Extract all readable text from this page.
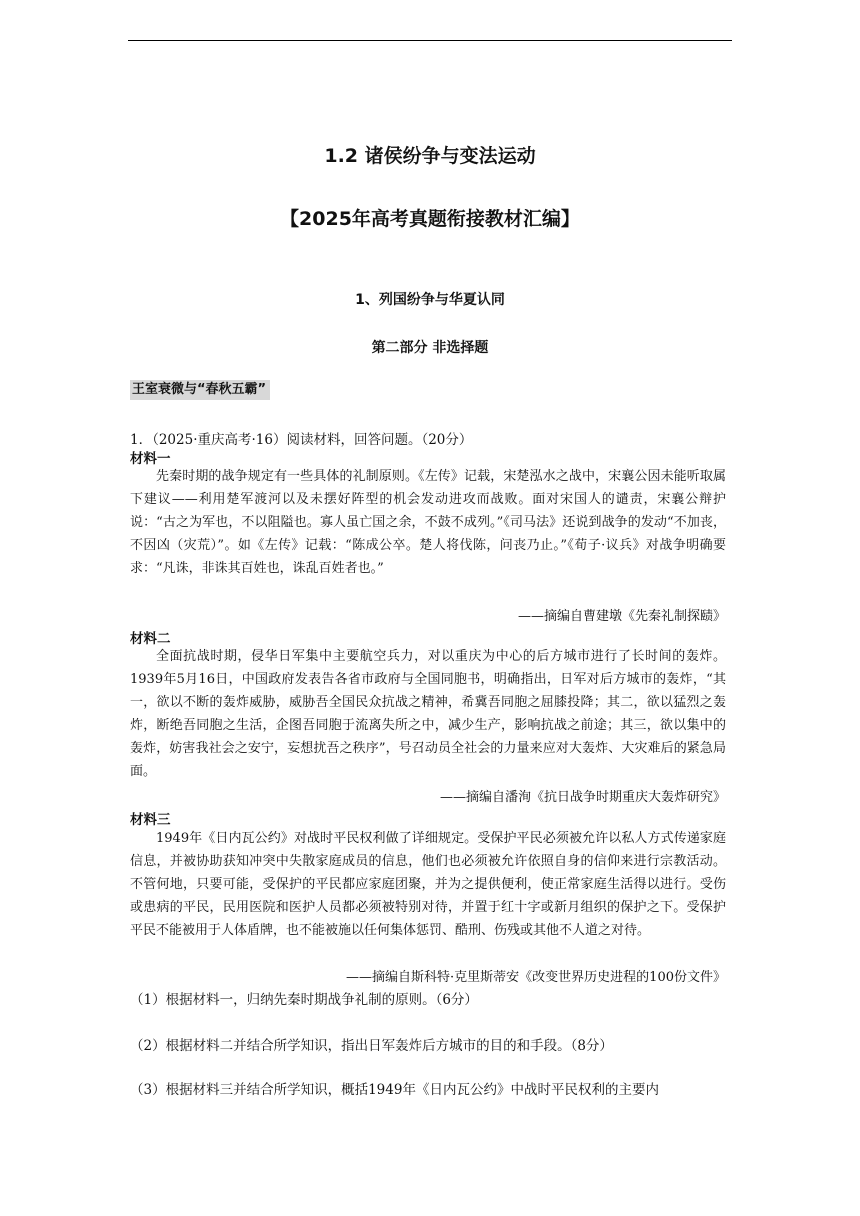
1.2 诸侯纷争与变法运动
【2025年高考真题衔接教材汇编】
1、列国纷争与华夏认同
第二部分 非选择题
王室衰微与“春秋五霸”
1．（2025·重庆高考·16）阅读材料，回答问题。（20分）
材料一
先秦时期的战争规定有一些具体的礼制原则。《左传》记载，宋楚泓水之战中，宋襄公因未能听取属下建议——利用楚军渡河以及未摆好阵型的机会发动进攻而战败。面对宋国人的谴责，宋襄公辩护说：“古之为军也，不以阻隘也。寡人虽亡国之余，不鼓不成列。”《司马法》还说到战争的发动“不加丧，不因凶（灾荒）”。如《左传》记载：“陈成公卒。楚人将伐陈，问丧乃止。”《荀子·议兵》对战争明确要求：“凡诛，非诛其百姓也，诛乱百姓者也。”
——摘编自曹建墩《先秦礼制探赜》
材料二
全面抗战时期，侵华日军集中主要航空兵力，对以重庆为中心的后方城市进行了长时间的轰炸。1939年5月16日，中国政府发表告各省市政府与全国同胞书，明确指出，日军对后方城市的轰炸，“其一，欲以不断的轰炸威胁，威胁吾全国民众抗战之精神，希冀吾同胞之屈膝投降；其二，欲以猛烈之轰炸，断绝吾同胞之生活，企图吾同胞于流离失所之中，减少生产，影响抗战之前途；其三，欲以集中的轰炸，妨害我社会之安宁，妄想扰吾之秩序”，号召动员全社会的力量来应对大轰炸、大灾难后的紧急局面。
——摘编自潘洵《抗日战争时期重庆大轰炸研究》
材料三
1949年《日内瓦公约》对战时平民权利做了详细规定。受保护平民必须被允许以私人方式传递家庭信息，并被协助获知冲突中失散家庭成员的信息，他们也必须被允许依照自身的信仰来进行宗教活动。不管何地，只要可能，受保护的平民都应家庭团聚，并为之提供便利，使正常家庭生活得以进行。受伤或患病的平民，民用医院和医护人员都必须被特别对待，并置于红十字或新月组织的保护之下。受保护平民不能被用于人体盾牌，也不能被施以任何集体惩罚、酷刑、伤残或其他不人道之对待。
——摘编自斯科特·克里斯蒂安《改变世界历史进程的100份文件》
（1）根据材料一，归纳先秦时期战争礼制的原则。（6分）
（2）根据材料二并结合所学知识，指出日军轰炸后方城市的目的和手段。（8分）
（3）根据材料三并结合所学知识，概括1949年《日内瓦公约》中战时平民权利的主要内
